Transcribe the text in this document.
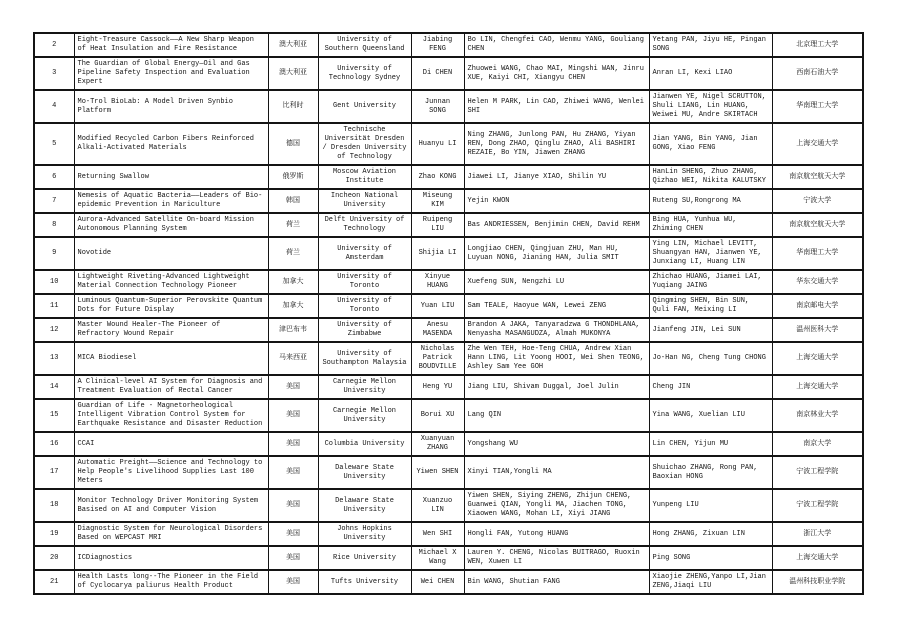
2	Eight-Treasure Cassock——A New Sharp Weapon of Heat Insulation and Fire Resistance	澳大利亚	University of Southern Queensland	Jiabing FENG	Bo LIN, Chengfei CAO, Wenmu YANG, Gouliang CHEN	Yetang PAN, Jiyu HE, Pingan SONG	北京理工大学
3	The Guardian of Global Energy—Oil and Gas Pipeline Safety Inspection and Evaluation Expert	澳大利亚	University of Technology Sydney	Di CHEN	Zhuowei WANG, Chao MAI, Mingshi WAN, Jinru XUE, Kaiyi CHI, Xiangyu CHEN	Anran LI, Kexi LIAO	西南石油大学
4	Mo-Trol BioLab: A Model Driven Synbio Platform	比利时	Gent University	Junnan SONG	Helen M PARK, Lin CAO, Zhiwei WANG, Wenlei SHI	Jianwen YE, Nigel SCRUTTON, Shuli LIANG, Lin HUANG, Weiwei MU, Andre SKIRTACH	华南理工大学
5	Modified Recycled Carbon Fibers Reinforced Alkali-Activated Materials	德国	Technische Universität Dresden / Dresden University of Technology	Huanyu LI	Ning ZHANG, Junlong PAN, Hu ZHANG, Yiyan REN, Dong ZHAO, Qinglu ZHAO, Ali BASHIRI REZAIE, Bo YIN, Jiawen ZHANG	Jian YANG, Bin YANG, Jian GONG, Xiao FENG	上海交通大学
6	Returning Swallow	俄罗斯	Moscow Aviation Institute	Zhao KONG	Jiawei LI, Jianye XIAO, Shilin YU	HanLin SHENG, Zhuo ZHANG, Qizhao WEI, Nikita KALUTSKY	南京航空航天大学
7	Nemesis of Aquatic Bacteria——Leaders of Bio-epidemic Prevention in Mariculture	韩国	Incheon National University	Miseung KIM	Yejin KWON	Ruteng SU,Rongrong MA	宁波大学
8	Aurora-Advanced Satellite On-board Mission Autonomous Planning System	荷兰	Delft University of Technology	Ruipeng LIU	Bas ANDRIESSEN, Benjimin CHEN, David REHM	Bing HUA, Yunhua WU, Zhiming CHEN	南京航空航天大学
9	Novotide	荷兰	University of Amsterdam	Shijia LI	Longjiao CHEN, Qingjuan ZHU, Man HU, Luyuan NONG, Jianing HAN, Julia SMIT	Ying LIN, Michael LEVITT, Shuangyan HAN, Jianwen YE, Junxiang LI, Huang LIN	华南理工大学
10	Lightweight Riveting-Advanced Lightweight Material Connection Technology Pioneer	加拿大	University of Toronto	Xinyue HUANG	Xuefeng SUN, Nengzhi LU	Zhichao HUANG, Jiamei LAI, Yuqiang JAING	华东交通大学
11	Luminous Quantum-Superior Perovskite Quantum Dots for Future Display	加拿大	University of Toronto	Yuan LIU	Sam TEALE, Haoyue WAN, Lewei ZENG	Qingming SHEN, Bin SUN, Quli FAN, Meixing LI	南京邮电大学
12	Master Wound Healer-The Pioneer of Refractory Wound Repair	津巴布韦	University of Zimbabwe	Anesu MASENDA	Brandon A JAKA, Tanyaradzwa G THONDHLANA, Nenyasha MASANGUDZA, Almah MUKONYA	Jianfeng JIN, Lei SUN	温州医科大学
13	MICA Biodiesel	马来西亚	University of Southampton Malaysia	Nicholas Patrick BOUDVILLE	Zhe Wen TEH, Hoe-Teng CHUA, Andrew Xian Hann LING, Lit Yoong HOOI, Wei Shen TEONG, Ashley Sam Yee GOH	Jo-Han NG, Cheng Tung CHONG	上海交通大学
14	A Clinical-level AI System for Diagnosis and Treatment Evaluation of Rectal Cancer	美国	Carnegie Mellon University	Heng YU	Jiang LIU, Shivam Duggal, Joel Julin	Cheng JIN	上海交通大学
15	Guardian of Life - Magnetorheological Intelligent Vibration Control System for Earthquake Resistance and Disaster Reduction	美国	Carnegie Mellon University	Borui XU	Lang QIN	Yina WANG, Xuelian LIU	南京林业大学
16	CCAI	美国	Columbia University	Xuanyuan ZHANG	Yongshang WU	Lin CHEN, Yijun MU	南京大学
17	Automatic Preight——Science and Technology to Help People's Livelihood Supplies Last 100 Meters	美国	Daleware State University	Yiwen SHEN	Xinyi TIAN,Yongli MA	Shuichao ZHANG, Rong PAN, Baoxian HONG	宁波工程学院
18	Monitor Technology Driver Monitoring System Basised on AI and Computer Vision	美国	Delaware State University	Xuanzuo LIN	Yiwen SHEN, Siying ZHENG, Zhijun CHENG, Guanwei QIAN, Yongli MA, Jiachen TONG, Xiaowen WANG, Mohan LI, Xiyi JIANG	Yunpeng LIU	宁波工程学院
19	Diagnostic System for Neurological Disorders Based on WEPCAST MRI	美国	Johns Hopkins University	Wen SHI	Hongli FAN, Yutong HUANG	Hong ZHANG, Zixuan LIN	浙江大学
20	ICDiagnostics	美国	Rice University	Michael X Wang	Lauren Y. CHENG, Nicolas BUITRAGO, Ruoxin WEN, Xuwen LI	Ping SONG	上海交通大学
21	Health Lasts long--The Pioneer in the Field of Cyclocarya paliurus Health Product	美国	Tufts University	Wei CHEN	Bin WANG, Shutian FANG	Xiaojie ZHENG,Yanpo LI,Jian ZENG,Jiaqi LIU	温州科技职业学院
